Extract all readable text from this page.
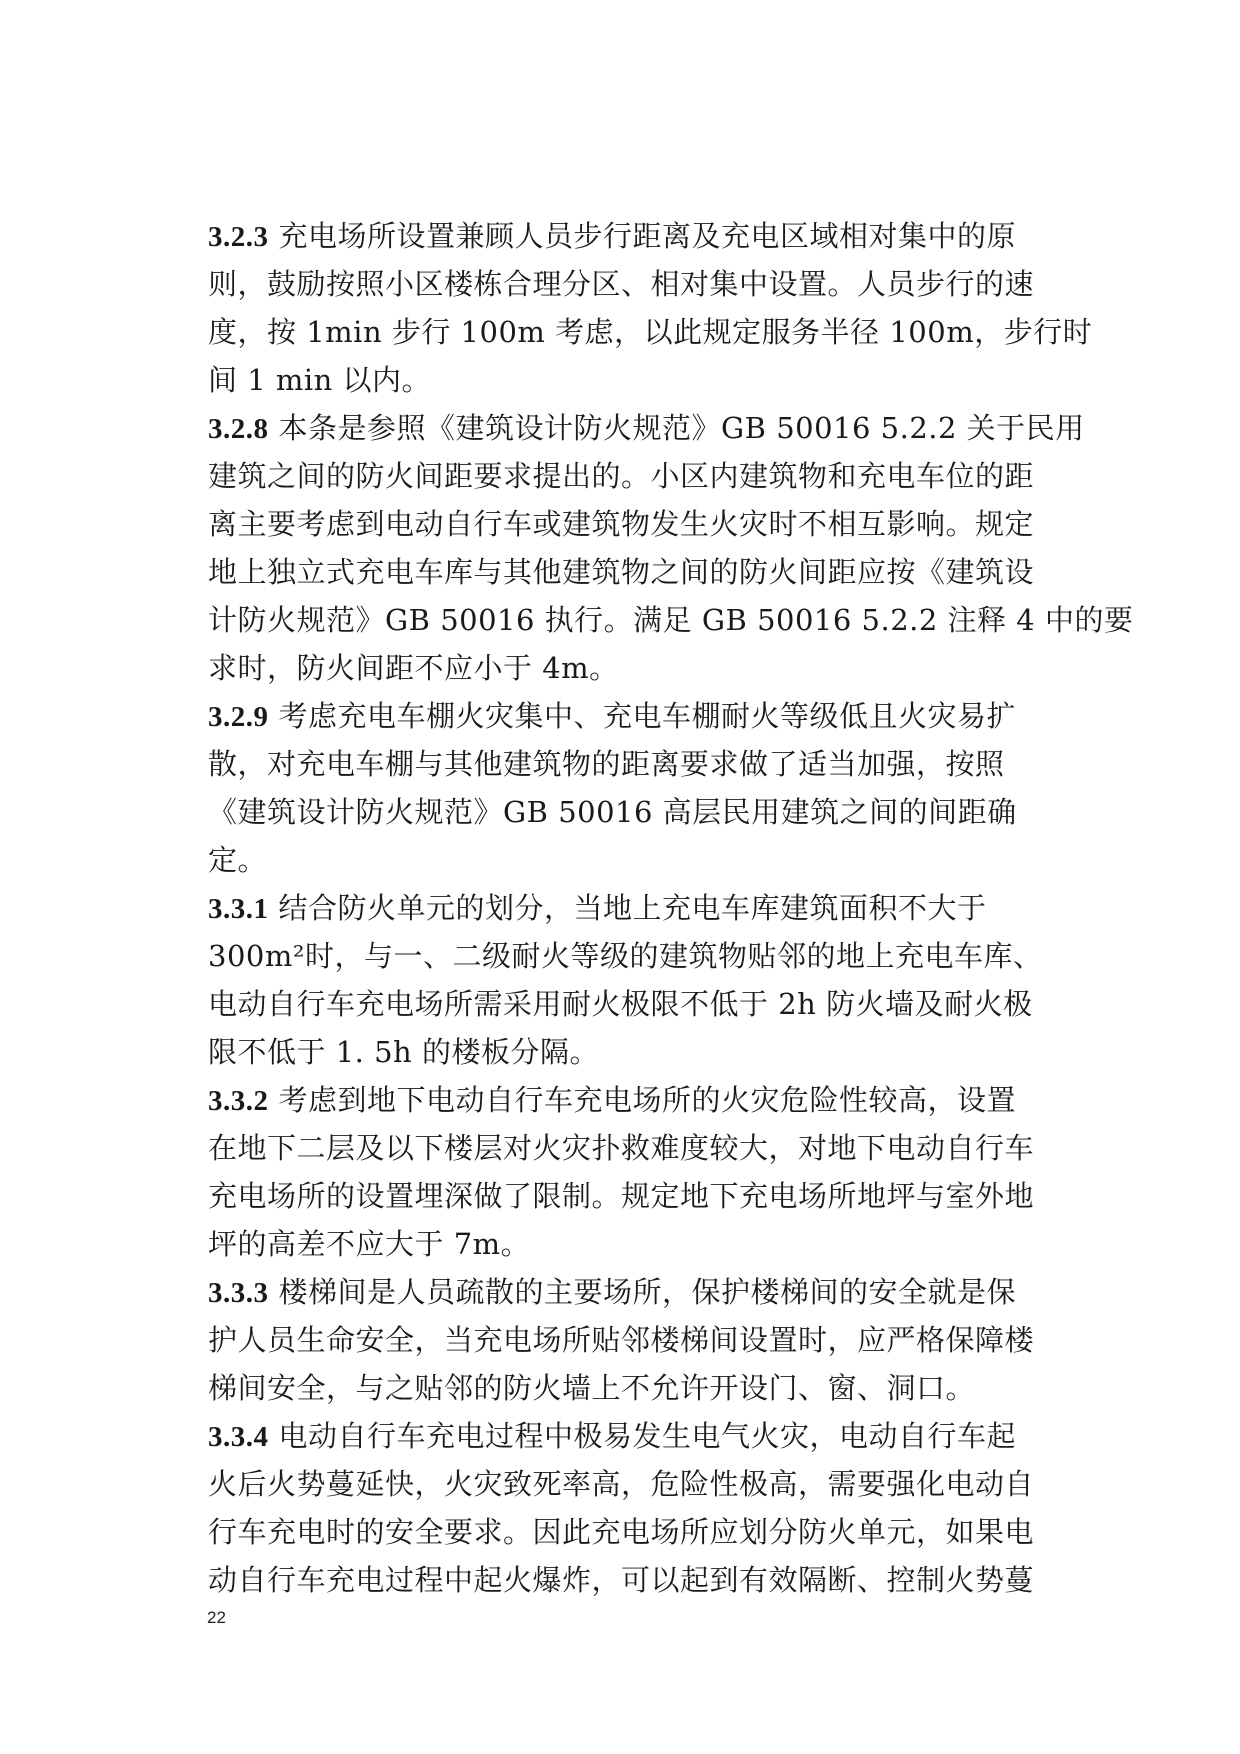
3.2.3 充电场所设置兼顾人员步行距离及充电区域相对集中的原
则，鼓励按照小区楼栋合理分区、相对集中设置。人员步行的速
度，按 1min 步行 100m 考虑，以此规定服务半径 100m，步行时
间 1 min 以内。
3.2.8 本条是参照《建筑设计防火规范》GB 50016 5.2.2 关于民用
建筑之间的防火间距要求提出的。小区内建筑物和充电车位的距
离主要考虑到电动自行车或建筑物发生火灾时不相互影响。规定
地上独立式充电车库与其他建筑物之间的防火间距应按《建筑设
计防火规范》GB 50016 执行。满足 GB 50016 5.2.2 注释 4 中的要
求时，防火间距不应小于 4m。
3.2.9 考虑充电车棚火灾集中、充电车棚耐火等级低且火灾易扩
散，对充电车棚与其他建筑物的距离要求做了适当加强，按照
《建筑设计防火规范》GB 50016 高层民用建筑之间的间距确
定。
3.3.1 结合防火单元的划分，当地上充电车库建筑面积不大于
300m²时，与一、二级耐火等级的建筑物贴邻的地上充电车库、
电动自行车充电场所需采用耐火极限不低于 2h 防火墙及耐火极
限不低于 1. 5h 的楼板分隔。
3.3.2 考虑到地下电动自行车充电场所的火灾危险性较高，设置
在地下二层及以下楼层对火灾扑救难度较大，对地下电动自行车
充电场所的设置埋深做了限制。规定地下充电场所地坪与室外地
坪的高差不应大于 7m。
3.3.3 楼梯间是人员疏散的主要场所，保护楼梯间的安全就是保
护人员生命安全，当充电场所贴邻楼梯间设置时，应严格保障楼
梯间安全，与之贴邻的防火墙上不允许开设门、窗、洞口。
3.3.4 电动自行车充电过程中极易发生电气火灾，电动自行车起
火后火势蔓延快，火灾致死率高，危险性极高，需要强化电动自
行车充电时的安全要求。因此充电场所应划分防火单元，如果电
动自行车充电过程中起火爆炸，可以起到有效隔断、控制火势蔓
22
